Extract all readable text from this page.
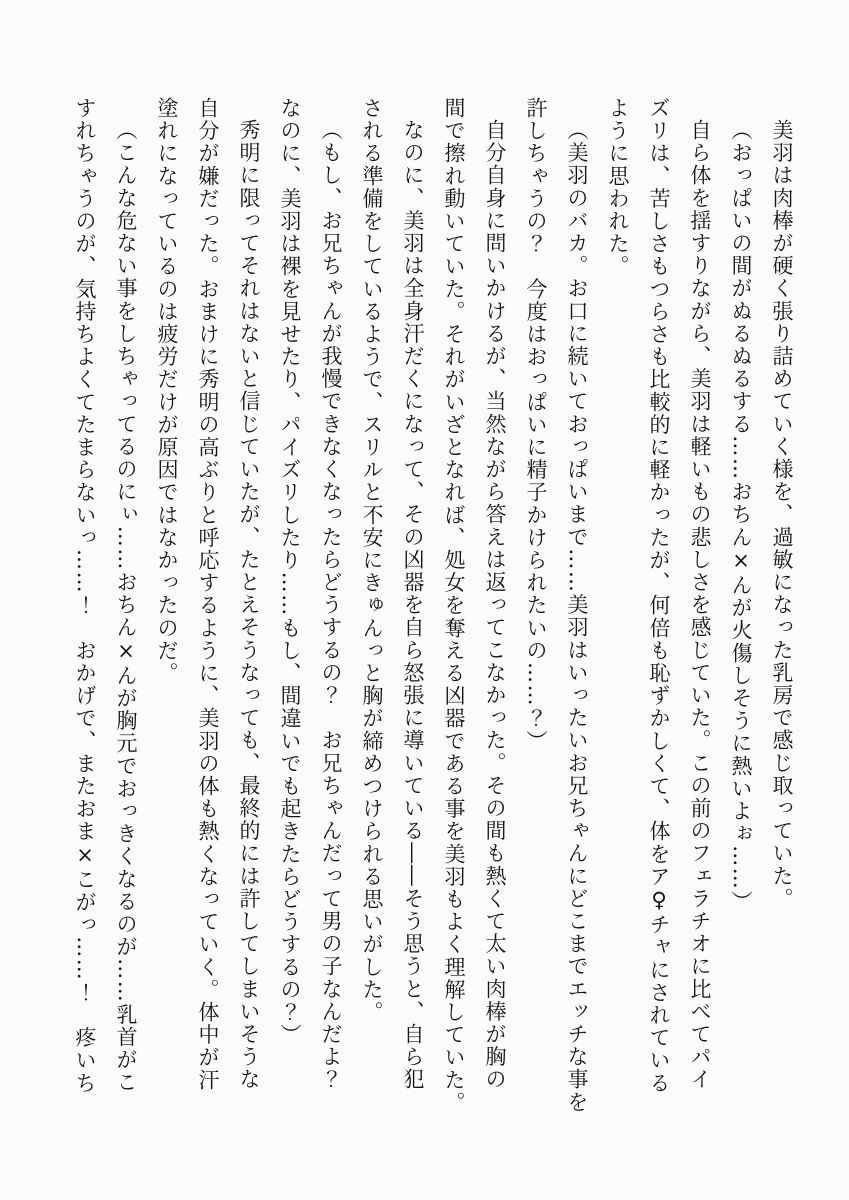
美羽は肉棒が硬く張り詰めていく様を、過敏になった乳房で感じ取っていた。
（おっぱいの間がぬるぬるする……おちん×んが火傷しそうに熱いよぉ……）
自ら体を揺すりながら、美羽は軽いもの悲しさを感じていた。この前のフェラチオに比べてパイ
ズリは、苦しさもつらさも比較的に軽かったが、何倍も恥ずかしくて、体をア♀チャにされている
ように思われた。
（美羽のバカ。お口に続いておっぱいまで……美羽はいったいお兄ちゃんにどこまでエッチな事を
許しちゃうの？　今度はおっぱいに精子かけられたいの……？）
自分自身に問いかけるが、当然ながら答えは返ってこなかった。その間も熱くて太い肉棒が胸の
間で擦れ動いていた。それがいざとなれば、処女を奪える凶器である事を美羽もよく理解していた。
なのに、美羽は全身汗だくになって、その凶器を自ら怒張に導いている――そう思うと、自ら犯
される準備をしているようで、スリルと不安にきゅんっと胸が締めつけられる思いがした。
（もし、お兄ちゃんが我慢できなくなったらどうするの？　お兄ちゃんだって男の子なんだよ？
なのに、美羽は裸を見せたり、パイズリしたり……もし、間違いでも起きたらどうするの？）
秀明に限ってそれはないと信じていたが、たとえそうなっても、最終的には許してしまいそうな
自分が嫌だった。おまけに秀明の高ぶりと呼応するように、美羽の体も熱くなっていく。体中が汗
塗れになっているのは疲労だけが原因ではなかったのだ。
（こんな危ない事をしちゃってるのにぃ……おちん×んが胸元でおっきくなるのが……乳首がこ
すれちゃうのが、気持ちよくてたまらないっ……！　おかげで、またおま×こがっ……！　疼いち
